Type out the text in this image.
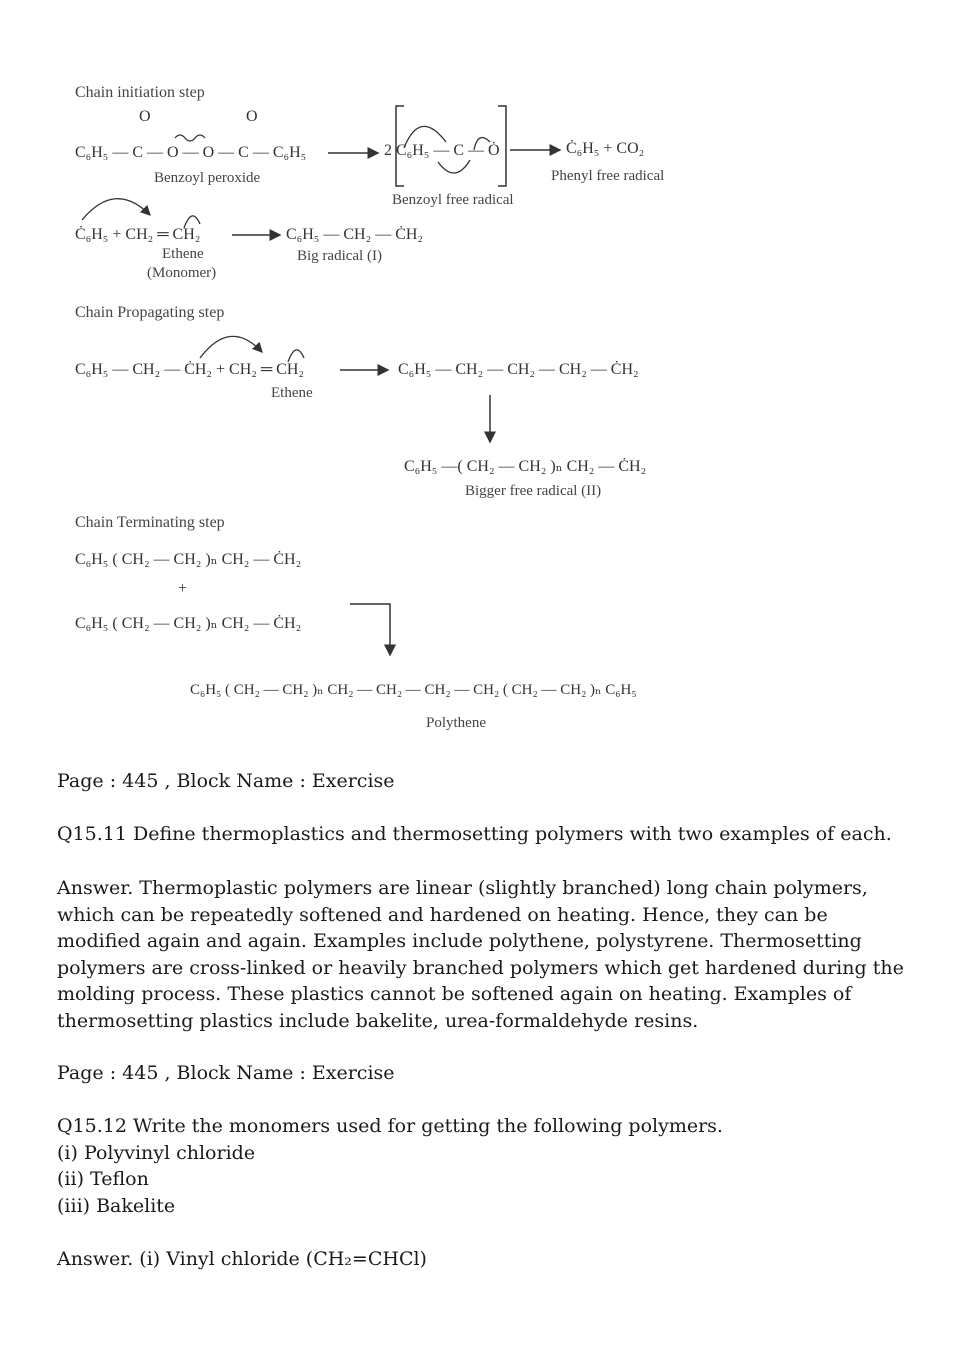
Chain initiation step
O	O
C₆H₅ — C — O — O — C — C₆H₅
Benzoyl peroxide
2 C₆H₅ — C — Ȯ
Benzoyl free radical
Ċ₆H₅ + CO₂
Phenyl free radical
Ċ₆H₅ + CH₂ ═ CH₂
Ethene
(Monomer)
C₆H₅ — CH₂ — ĊH₂
Big radical (I)
Chain Propagating step
C₆H₅ — CH₂ — ĊH₂ + CH₂ ═ CH₂
Ethene
C₆H₅ — CH₂ — CH₂ — CH₂ — ĊH₂
C₆H₅ —( CH₂ — CH₂ )ₙ CH₂ — ĊH₂
Bigger free radical (II)
Chain Terminating step
C₆H₅ ( CH₂ — CH₂ )ₙ CH₂ — ĊH₂
+
C₆H₅ ( CH₂ — CH₂ )ₙ CH₂ — ĊH₂
C₆H₅ ( CH₂ — CH₂ )ₙ CH₂ — CH₂ — CH₂ — CH₂ ( CH₂ — CH₂ )ₙ C₆H₅
Polythene

Page : 445 , Block Name : Exercise

Q15.11 Define thermoplastics and thermosetting polymers with two examples of each.

Answer. Thermoplastic polymers are linear (slightly branched) long chain polymers, which can be repeatedly softened and hardened on heating. Hence, they can be modified again and again. Examples include polythene, polystyrene. Thermosetting polymers are cross-linked or heavily branched polymers which get hardened during the molding process. These plastics cannot be softened again on heating. Examples of thermosetting plastics include bakelite, urea-formaldehyde resins.

Page : 445 , Block Name : Exercise

Q15.12 Write the monomers used for getting the following polymers.

(i) Polyvinyl chloride

(ii) Teflon

(iii) Bakelite

Answer. (i) Vinyl chloride (CH₂=CHCl)
